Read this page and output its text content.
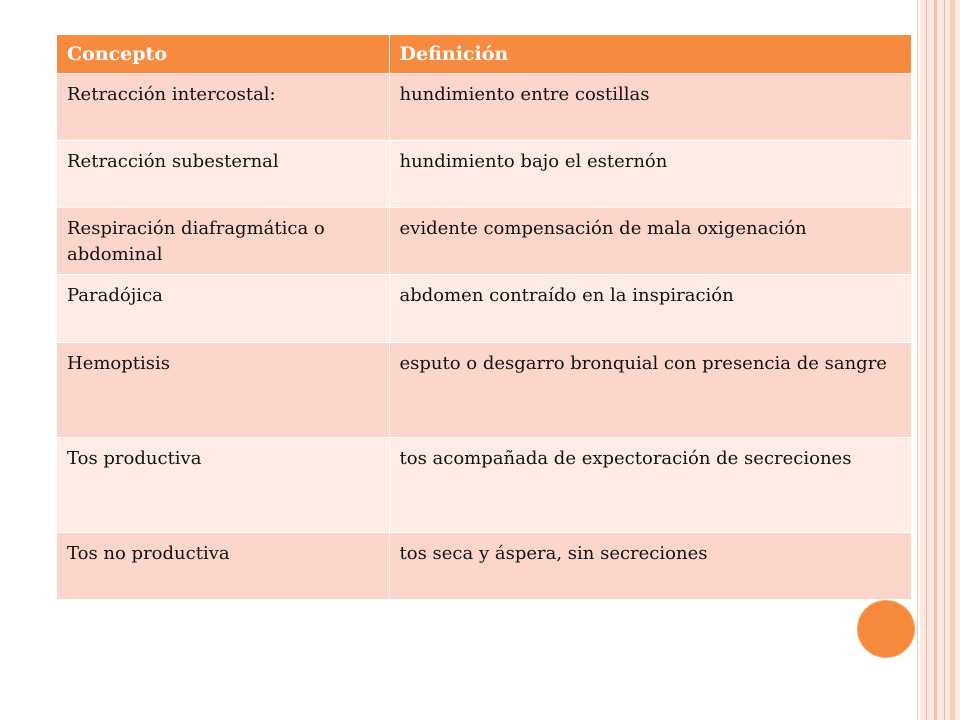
Concepto	Definición
Retracción intercostal:	hundimiento entre costillas
Retracción subesternal	hundimiento bajo el esternón
Respiración diafragmática o abdominal	evidente compensación de mala oxigenación
Paradójica	abdomen contraído en la inspiración
Hemoptisis	esputo o desgarro bronquial con presencia de sangre
Tos productiva	tos acompañada de expectoración de secreciones
Tos no productiva	tos seca y áspera, sin secreciones
